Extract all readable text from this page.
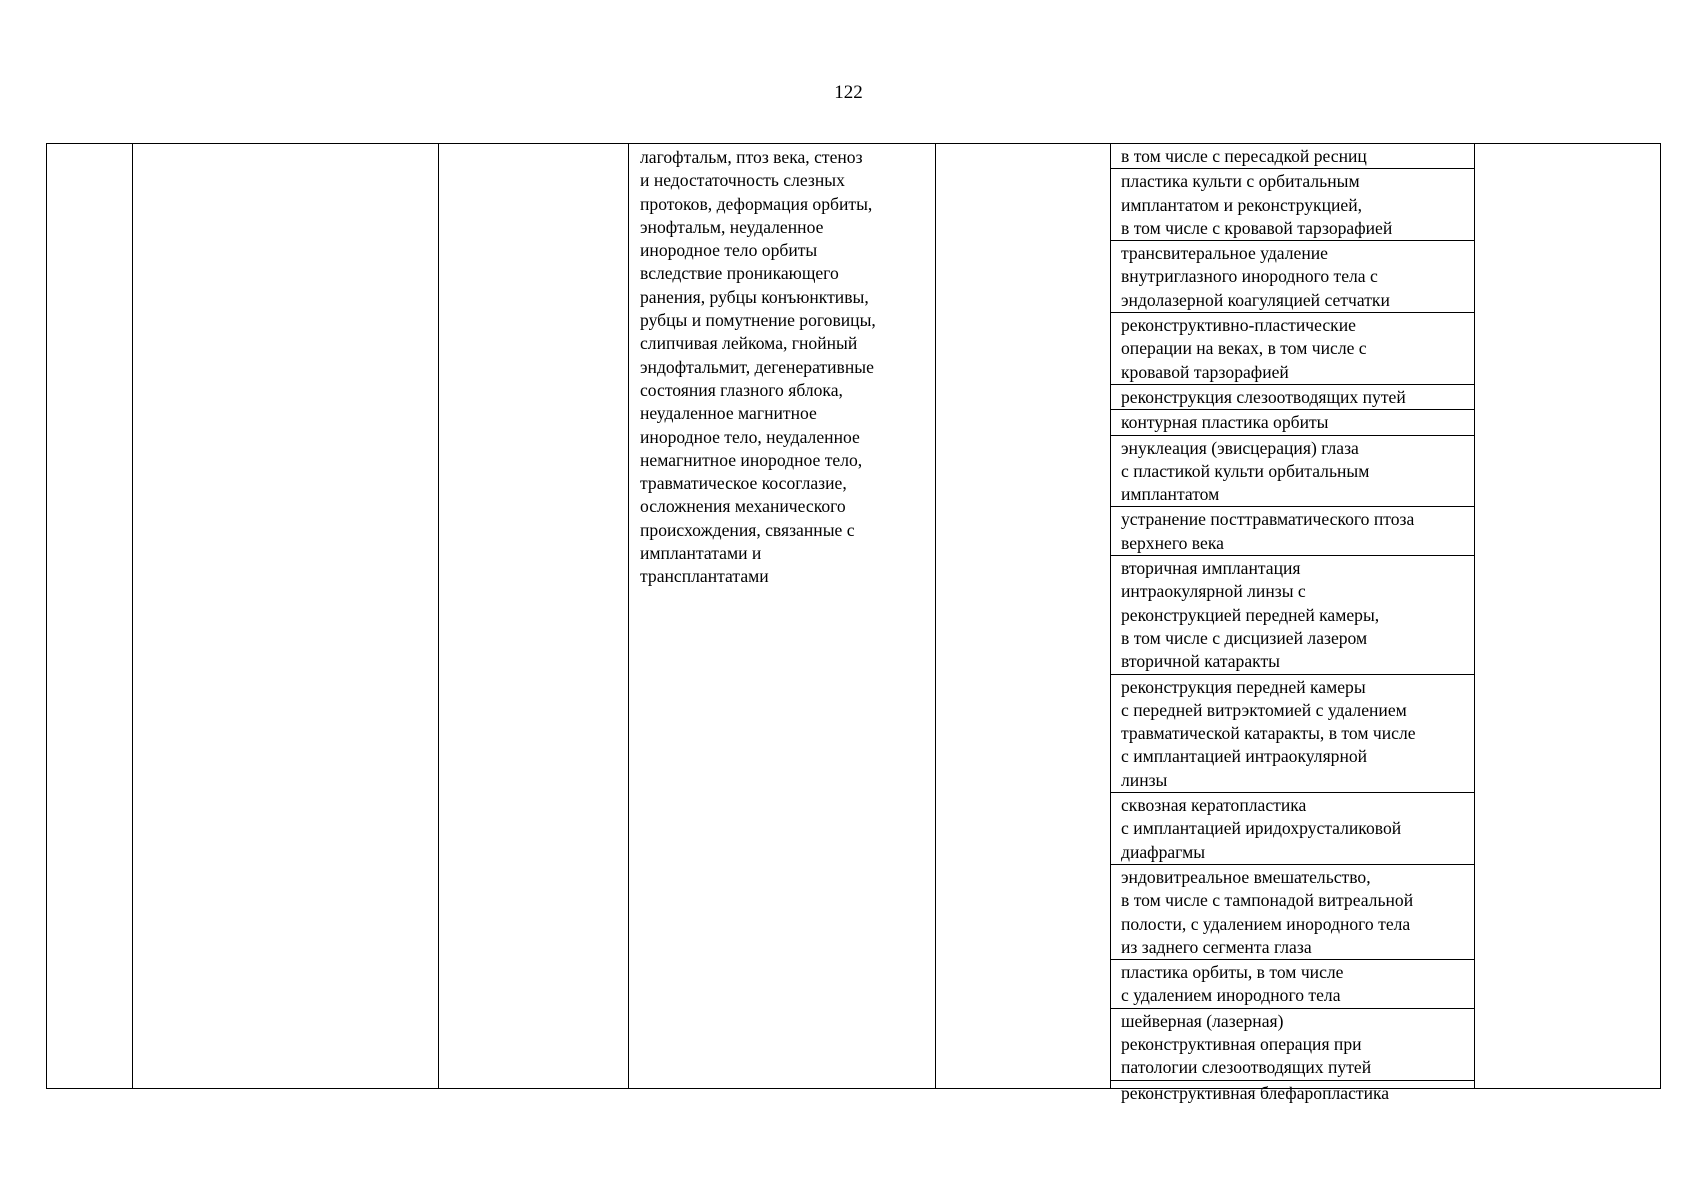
122
лагофтальм, птоз века, стеноз
и недостаточность слезных
протоков, деформация орбиты,
энофтальм, неудаленное
инородное тело орбиты
вследствие проникающего
ранения, рубцы конъюнктивы,
рубцы и помутнение роговицы,
слипчивая лейкома, гнойный
эндофтальмит, дегенеративные
состояния глазного яблока,
неудаленное магнитное
инородное тело, неудаленное
немагнитное инородное тело,
травматическое косоглазие,
осложнения механического
происхождения, связанные с
имплантатами и
трансплантатами
в том числе с пересадкой ресниц
пластика культи с орбитальным
имплантатом и реконструкцией,
в том числе с кровавой тарзорафией
трансвитеральное удаление
внутриглазного инородного тела с
эндолазерной коагуляцией сетчатки
реконструктивно-пластические
операции на веках, в том числе с
кровавой тарзорафией
реконструкция слезоотводящих путей
контурная пластика орбиты
энуклеация (эвисцерация) глаза
с пластикой культи орбитальным
имплантатом
устранение посттравматического птоза
верхнего века
вторичная имплантация
интраокулярной линзы с
реконструкцией передней камеры,
в том числе с дисцизией лазером
вторичной катаракты
реконструкция передней камеры
с передней витрэктомией с удалением
травматической катаракты, в том числе
с имплантацией интраокулярной
линзы
сквозная кератопластика
с имплантацией иридохрусталиковой
диафрагмы
эндовитреальное вмешательство,
в том числе с тампонадой витреальной
полости, с удалением инородного тела
из заднего сегмента глаза
пластика орбиты, в том числе
с удалением инородного тела
шейверная (лазерная)
реконструктивная операция при
патологии слезоотводящих путей
реконструктивная блефаропластика
